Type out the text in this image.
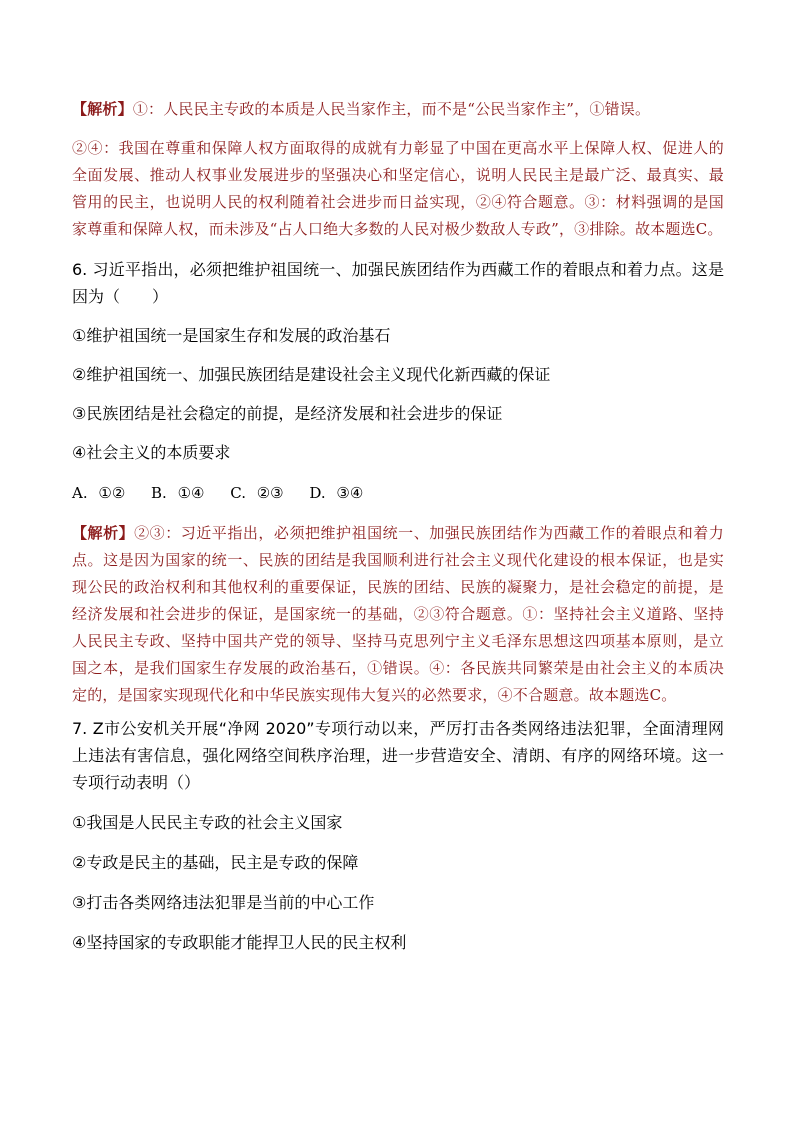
【解析】①：人民民主专政的本质是人民当家作主，而不是“公民当家作主”，①错误。

②④：我国在尊重和保障人权方面取得的成就有力彰显了中国在更高水平上保障人权、促进人的全面发展、推动人权事业发展进步的坚强决心和坚定信心，说明人民民主是最广泛、最真实、最管用的民主，也说明人民的权利随着社会进步而日益实现，②④符合题意。③：材料强调的是国家尊重和保障人权，而未涉及“占人口绝大多数的人民对极少数敌人专政”，③排除。故本题选C。

6. 习近平指出，必须把维护祖国统一、加强民族团结作为西藏工作的着眼点和着力点。这是因为（　　）
①维护祖国统一是国家生存和发展的政治基石
②维护祖国统一、加强民族团结是建设社会主义现代化新西藏的保证
③民族团结是社会稳定的前提，是经济发展和社会进步的保证
④社会主义的本质要求
A. ①②　 B. ①④　 C. ②③　 D. ③④

【解析】②③：习近平指出，必须把维护祖国统一、加强民族团结作为西藏工作的着眼点和着力点。这是因为国家的统一、民族的团结是我国顺利进行社会主义现代化建设的根本保证，也是实现公民的政治权利和其他权利的重要保证，民族的团结、民族的凝聚力，是社会稳定的前提，是经济发展和社会进步的保证，是国家统一的基础，②③符合题意。①：坚持社会主义道路、坚持人民民主专政、坚持中国共产党的领导、坚持马克思列宁主义毛泽东思想这四项基本原则，是立国之本，是我们国家生存发展的政治基石，①错误。④：各民族共同繁荣是由社会主义的本质决定的，是国家实现现代化和中华民族实现伟大复兴的必然要求，④不合题意。故本题选C。

7. Z市公安机关开展“净网 2020”专项行动以来，严厉打击各类网络违法犯罪，全面清理网上违法有害信息，强化网络空间秩序治理，进一步营造安全、清朗、有序的网络环境。这一专项行动表明（）
①我国是人民民主专政的社会主义国家
②专政是民主的基础，民主是专政的保障
③打击各类网络违法犯罪是当前的中心工作
④坚持国家的专政职能才能捍卫人民的民主权利
